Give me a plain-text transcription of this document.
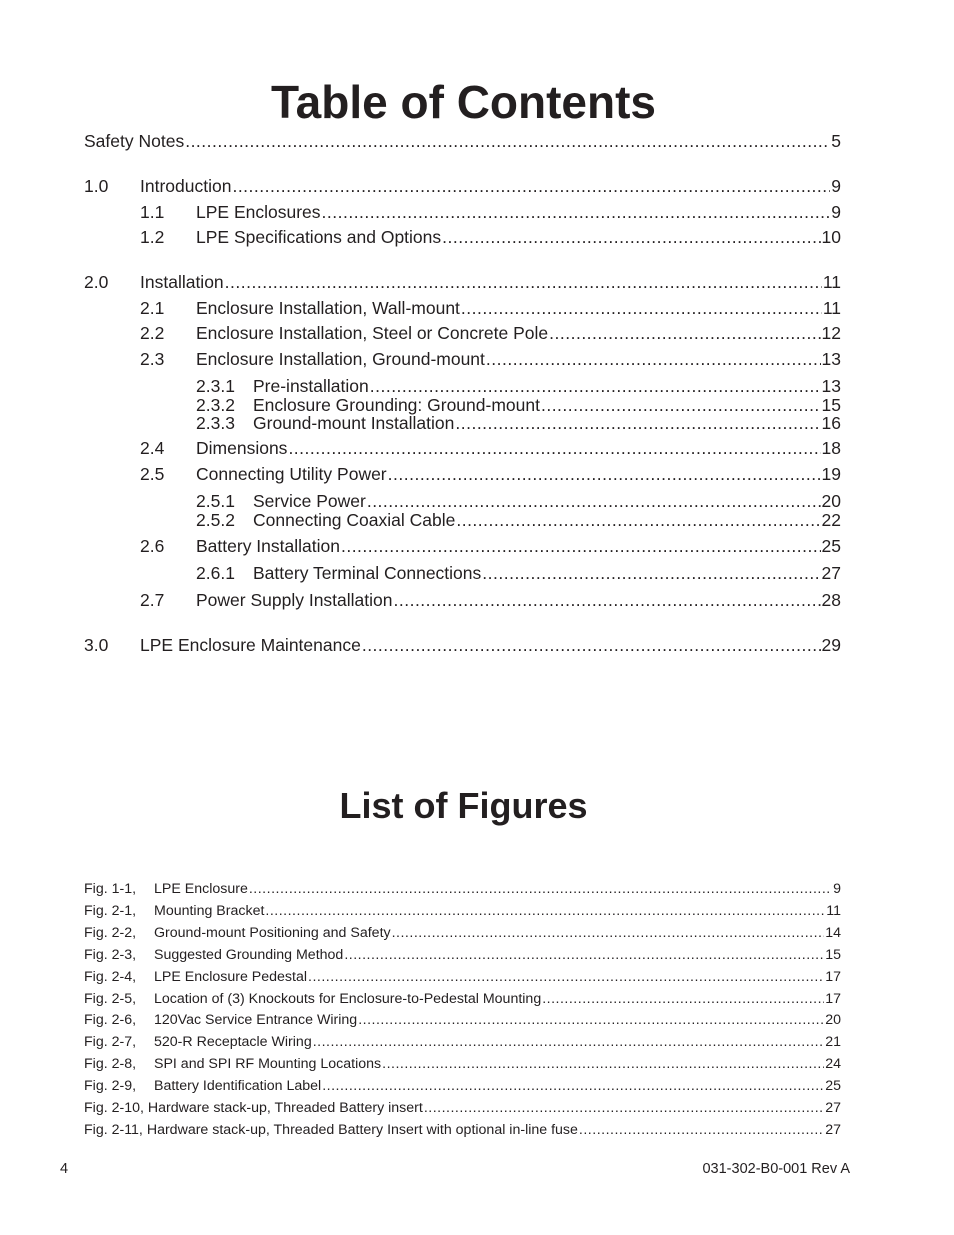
Table of Contents
Safety Notes .....	5
1.0	Introduction .....	9
1.1	LPE Enclosures .....	9
1.2	LPE Specifications and Options .....	10
2.0	Installation .....	11
2.1	Enclosure Installation, Wall-mount .....	11
2.2	Enclosure Installation, Steel or Concrete Pole .....	12
2.3	Enclosure Installation, Ground-mount .....	13
2.3.1	Pre-installation .....	13
2.3.2	Enclosure Grounding: Ground-mount .....	15
2.3.3	Ground-mount Installation .....	16
2.4	Dimensions .....	18
2.5	Connecting Utility Power .....	19
2.5.1	Service Power .....	20
2.5.2	Connecting Coaxial Cable .....	22
2.6	Battery Installation .....	25
2.6.1	Battery Terminal Connections .....	27
2.7	Power Supply Installation .....	28
3.0	LPE Enclosure Maintenance .....	29
List of Figures
Fig. 1-1,	LPE Enclosure .....	9
Fig. 2-1,	Mounting Bracket .....	11
Fig. 2-2,	Ground-mount Positioning and Safety .....	14
Fig. 2-3,	Suggested Grounding Method .....	15
Fig. 2-4,	LPE Enclosure Pedestal .....	17
Fig. 2-5,	Location of (3) Knockouts for Enclosure-to-Pedestal Mounting .....	17
Fig. 2-6,	120Vac Service Entrance Wiring .....	20
Fig. 2-7,	520-R Receptacle Wiring .....	21
Fig. 2-8,	SPI and SPI RF Mounting Locations .....	24
Fig. 2-9,	Battery Identification Label .....	25
Fig. 2-10, Hardware stack-up, Threaded Battery insert .....	27
Fig. 2-11, Hardware stack-up, Threaded Battery Insert with optional in-line fuse .....	27
4	031-302-B0-001 Rev A
